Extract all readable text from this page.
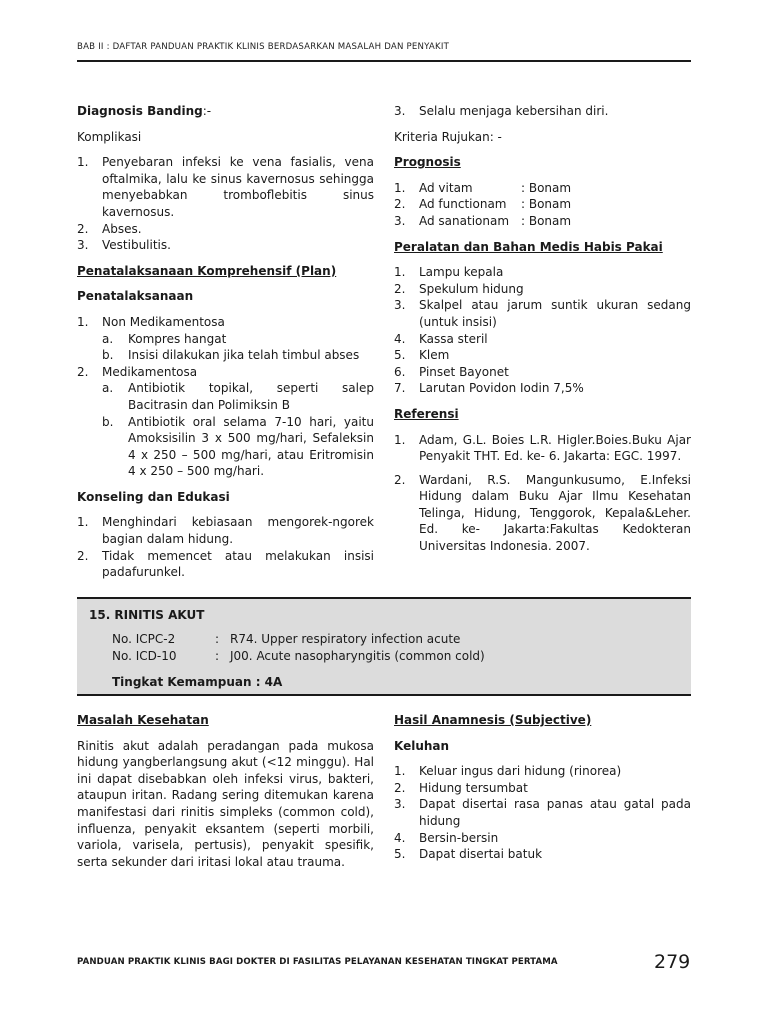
BAB II : DAFTAR PANDUAN PRAKTIK KLINIS BERDASARKAN MASALAH DAN PENYAKIT

Diagnosis Banding:-

Komplikasi

1.	Penyebaran infeksi ke vena fasialis, vena oftalmika, lalu ke sinus kavernosus sehingga menyebabkan tromboflebitis sinus kavernosus.
2.	Abses.
3.	Vestibulitis.

Penatalaksanaan Komprehensif (Plan)

Penatalaksanaan

1.	Non Medikamentosa
a.	Kompres hangat
b.	Insisi dilakukan jika telah timbul abses
2.	Medikamentosa
a.	Antibiotik topikal, seperti salep Bacitrasin dan Polimiksin B
b.	Antibiotik oral selama 7-10 hari, yaitu Amoksisilin 3 x 500 mg/hari, Sefaleksin 4 x 250 – 500 mg/hari, atau Eritromisin 4 x 250 – 500 mg/hari.

Konseling dan Edukasi

1.	Menghindari kebiasaan mengorek-ngorek bagian dalam hidung.
2.	Tidak memencet atau melakukan insisi padafurunkel.
3.	Selalu menjaga kebersihan diri.

Kriteria Rujukan: -

Prognosis

1.	Ad vitam	: Bonam
2.	Ad functionam : Bonam
3.	Ad sanationam : Bonam

Peralatan dan Bahan Medis Habis Pakai

1.	Lampu kepala
2.	Spekulum hidung
3.	Skalpel atau jarum suntik ukuran sedang (untuk insisi)
4.	Kassa steril
5.	Klem
6.	Pinset Bayonet
7.	Larutan Povidon Iodin 7,5%

Referensi

1.	Adam, G.L. Boies L.R. Higler.Boies.Buku Ajar Penyakit THT. Ed. ke- 6. Jakarta: EGC. 1997.
2.	Wardani, R.S. Mangunkusumo, E.Infeksi Hidung dalam Buku Ajar Ilmu Kesehatan Telinga, Hidung, Tenggorok, Kepala&Leher. Ed. ke- Jakarta:Fakultas Kedokteran Universitas Indonesia. 2007.
15. RINITIS AKUT
No. ICPC-2	: R74. Upper respiratory infection acute
No. ICD-10	: J00. Acute nasopharyngitis (common cold)
Tingkat Kemampuan : 4A

Masalah Kesehatan

Rinitis akut adalah peradangan pada mukosa hidung yangberlangsung akut (<12 minggu). Hal ini dapat disebabkan oleh infeksi virus, bakteri, ataupun iritan. Radang sering ditemukan karena manifestasi dari rinitis simpleks (common cold), influenza, penyakit eksantem (seperti morbili, variola, varisela, pertusis), penyakit spesifik, serta sekunder dari iritasi lokal atau trauma.

Hasil Anamnesis (Subjective)

Keluhan

1.	Keluar ingus dari hidung (rinorea)
2.	Hidung tersumbat
3.	Dapat disertai rasa panas atau gatal pada hidung
4.	Bersin-bersin
5.	Dapat disertai batuk
PANDUAN PRAKTIK KLINIS BAGI DOKTER DI FASILITAS PELAYANAN KESEHATAN TINGKAT PERTAMA	279
